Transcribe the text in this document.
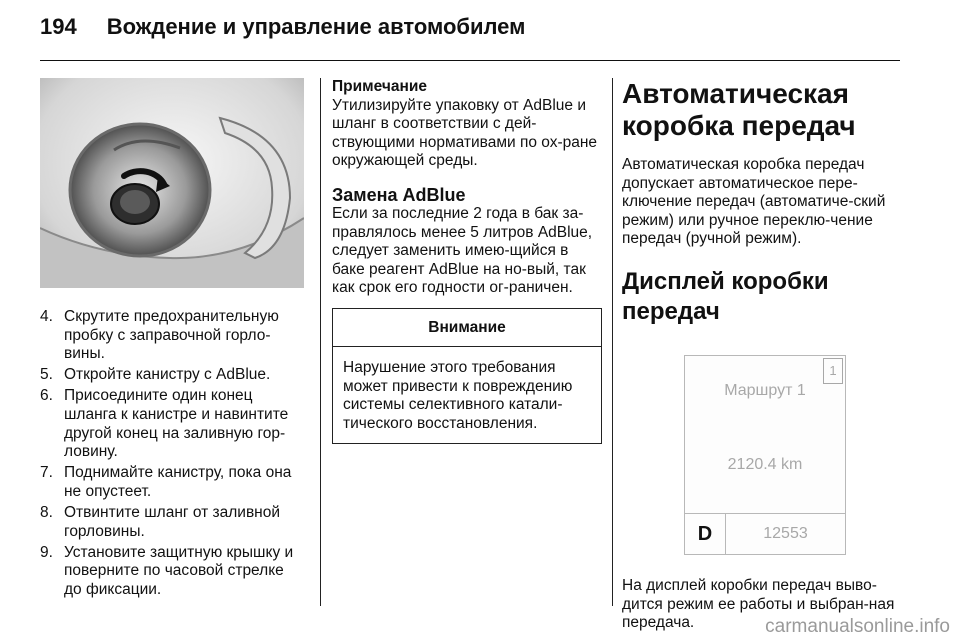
194 Вождение и управление автомобилем
4. Скрутите предохранительную пробку с заправочной горло-вины.
5. Откройте канистру с AdBlue.
6. Присоедините один конец шланга к канистре и навинтите другой конец на заливную гор-ловину.
7. Поднимайте канистру, пока она не опустеет.
8. Отвинтите шланг от заливной горловины.
9. Установите защитную крышку и поверните по часовой стрелке до фиксации.
Примечание

Утилизируйте упаковку от AdBlue и шланг в соответствии с дей-ствующими нормативами по ох-ране окружающей среды.

Замена AdBlue

Если за последние 2 года в бак за-правлялось менее 5 литров AdBlue, следует заменить имею-щийся в баке реагент AdBlue на но-вый, так как срок его годности ог-раничен.

Внимание
Нарушение этого требования может привести к повреждению системы селективного катали-тического восстановления.
Автоматическая коробка передач

Автоматическая коробка передач допускает автоматическое пере-ключение передач (автоматиче-ский режим) или ручное переклю-чение передач (ручной режим).

Дисплей коробки передач
1
Маршрут 1
2120.4 km
D	12553

На дисплей коробки передач выво-дится режим ее работы и выбран-ная передача.	carmanualsonline.info
